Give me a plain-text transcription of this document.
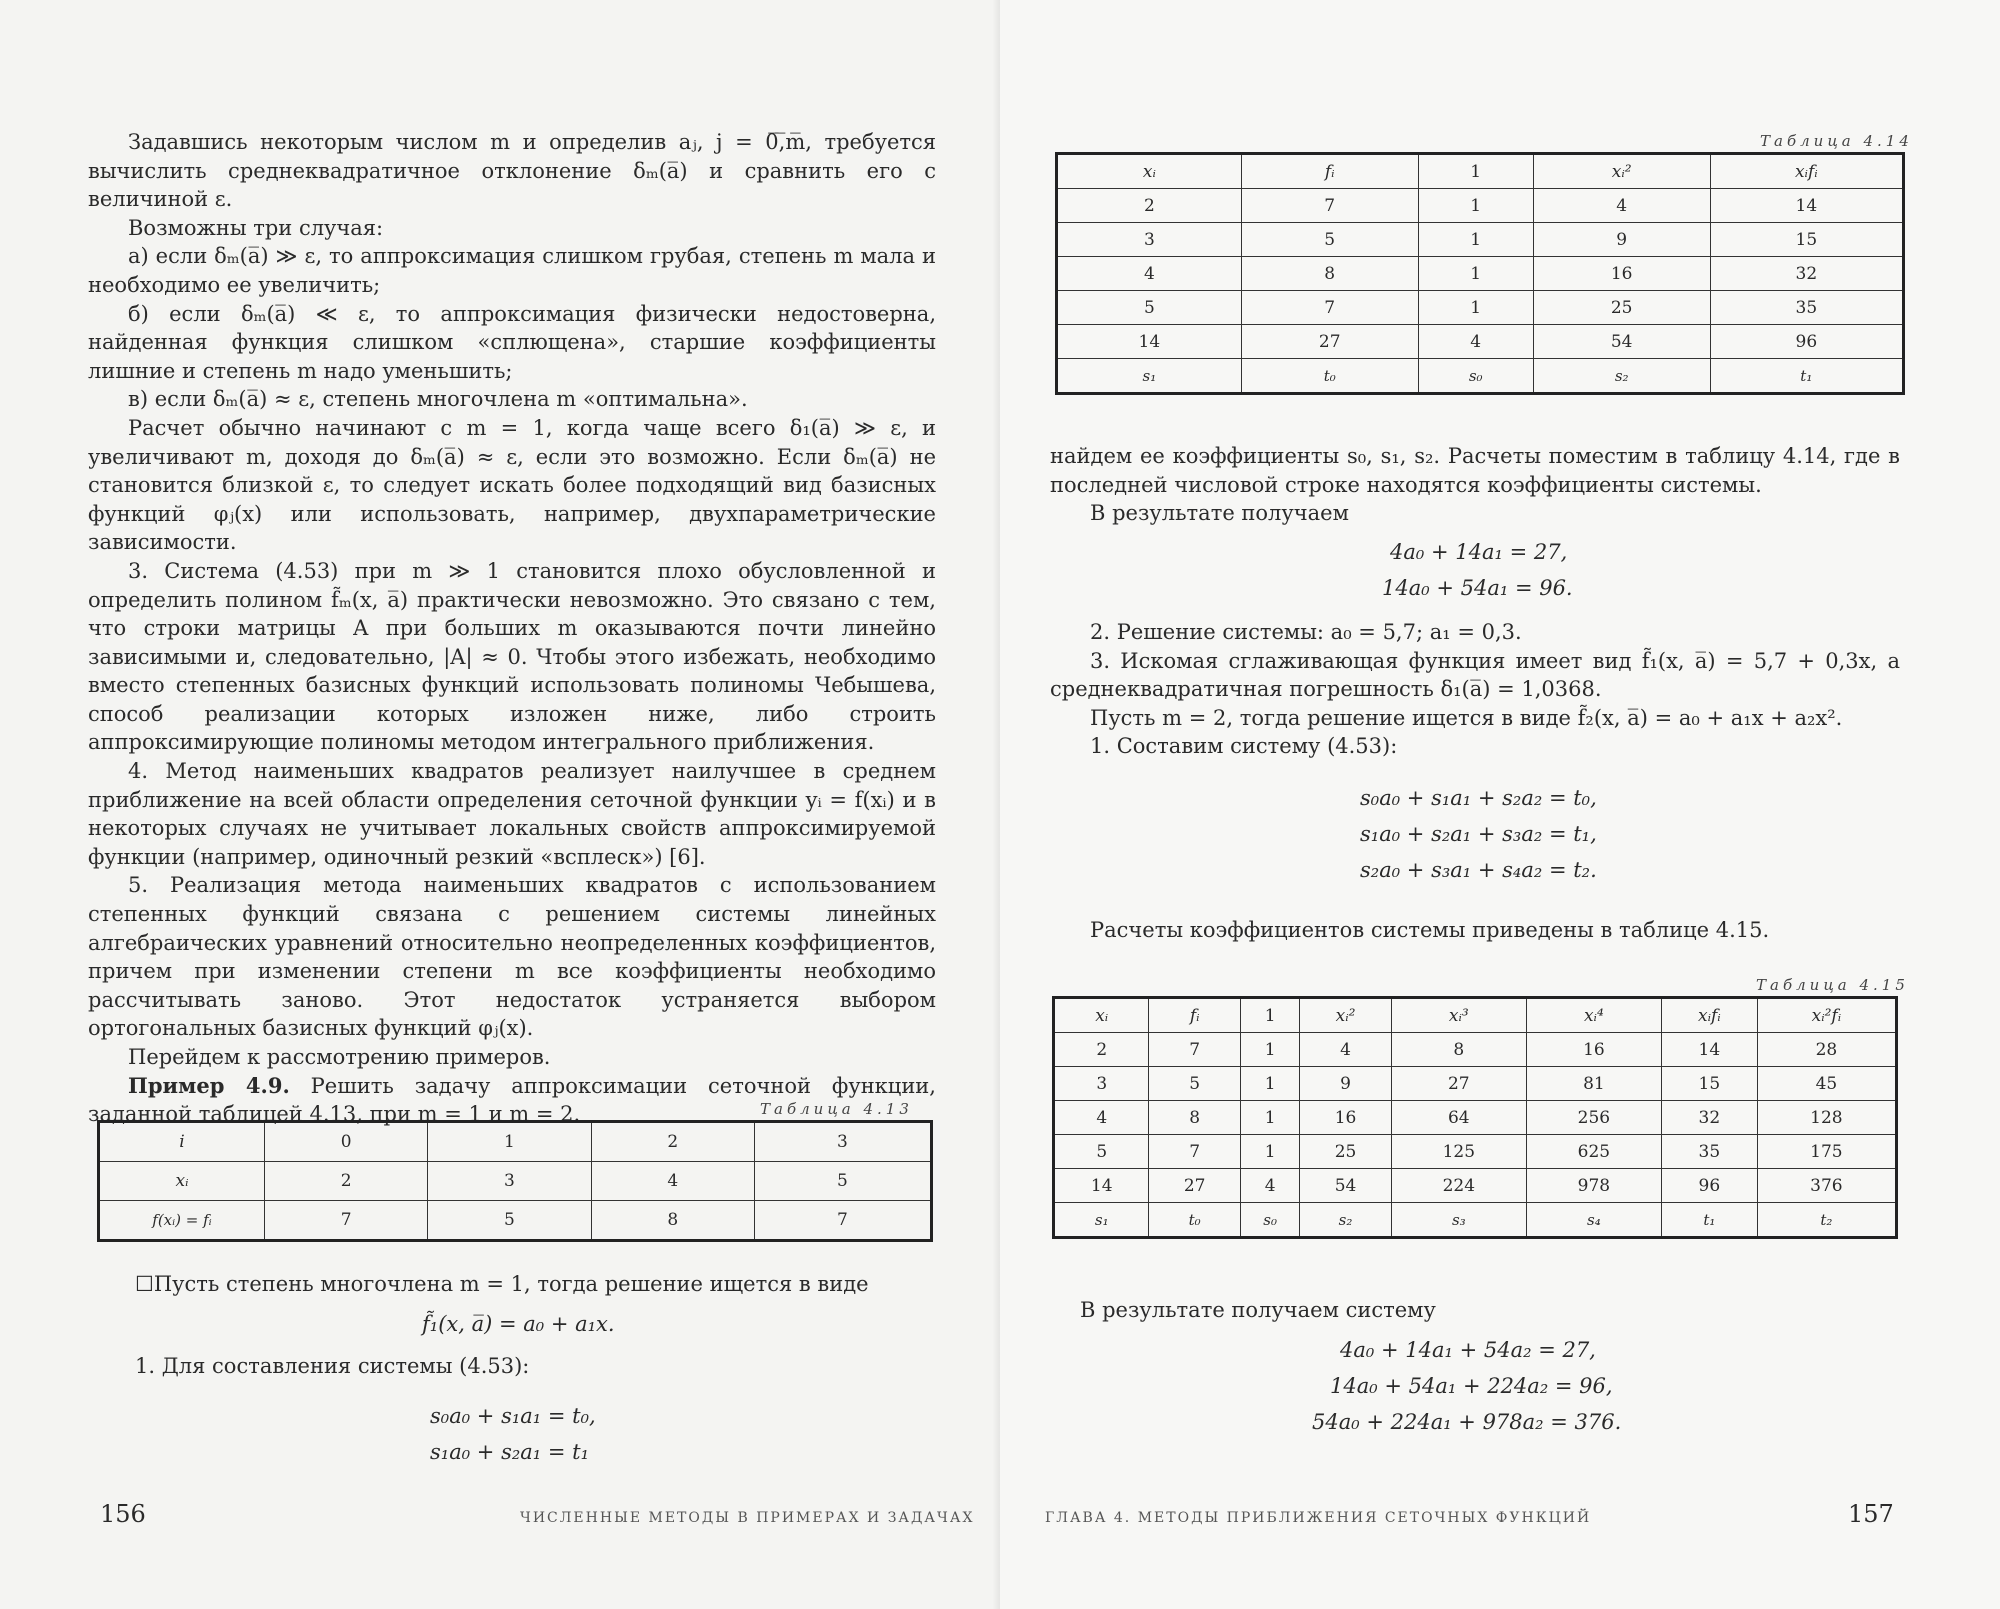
Задавшись некоторым числом m и определив aⱼ, j = 0̅,̅m̅, требуется вычислить среднеквадратичное отклонение δₘ(a̅) и сравнить его с величиной ε.

Возможны три случая:

а) если δₘ(a̅) ≫ ε, то аппроксимация слишком грубая, степень m мала и необходимо ее увеличить;

б) если δₘ(a̅) ≪ ε, то аппроксимация физически недостоверна, найденная функция слишком «сплющена», старшие коэффициенты лишние и степень m надо уменьшить;

в) если δₘ(a̅) ≈ ε, степень многочлена m «оптимальна».

Расчет обычно начинают с m = 1, когда чаще всего δ₁(a̅) ≫ ε, и увеличивают m, доходя до δₘ(a̅) ≈ ε, если это возможно. Если δₘ(a̅) не становится близкой ε, то следует искать более подходящий вид базисных функций φⱼ(x) или использовать, например, двухпараметрические зависимости.

3. Система (4.53) при m ≫ 1 становится плохо обусловленной и определить полином f̃ₘ(x, a̅) практически невозможно. Это связано с тем, что строки матрицы A при больших m оказываются почти линейно зависимыми и, следовательно, |A| ≈ 0. Чтобы этого избежать, необходимо вместо степенных базисных функций использовать полиномы Чебышева, способ реализации которых изложен ниже, либо строить аппроксимирующие полиномы методом интегрального приближения.

4. Метод наименьших квадратов реализует наилучшее в среднем приближение на всей области определения сеточной функции yᵢ = f(xᵢ) и в некоторых случаях не учитывает локальных свойств аппроксимируемой функции (например, одиночный резкий «всплеск») [6].

5. Реализация метода наименьших квадратов с использованием степенных функций связана с решением системы линейных алгебраических уравнений относительно неопределенных коэффициентов, причем при изменении степени m все коэффициенты необходимо рассчитывать заново. Этот недостаток устраняется выбором ортогональных базисных функций φⱼ(x).

Перейдем к рассмотрению примеров.

Пример 4.9. Решить задачу аппроксимации сеточной функции, заданной таблицей 4.13, при m = 1 и m = 2.	Таблица 4.13
i	0	1	2	3
xᵢ	2	3	4	5
f(xᵢ) = fᵢ	7	5	8	7

☐Пусть степень многочлена m = 1, тогда решение ищется в виде

f̃₁(x, a̅) = a₀ + a₁x.

1. Для составления системы (4.53):

s₀a₀ + s₁a₁ = t₀,
s₁a₀ + s₂a₁ = t₁
156	ЧИСЛЕННЫЕ МЕТОДЫ В ПРИМЕРАХ И ЗАДАЧАХ
Таблица 4.14
xᵢ	fᵢ	1	xᵢ²	xᵢfᵢ
2	7	1	4	14
3	5	1	9	15
4	8	1	16	32
5	7	1	25	35
14	27	4	54	96
s₁	t₀	s₀	s₂	t₁

найдем ее коэффициенты s₀, s₁, s₂. Расчеты поместим в таблицу 4.14, где в последней числовой строке находятся коэффициенты системы.

В результате получаем

4a₀ + 14a₁ = 27,
14a₀ + 54a₁ = 96.

2. Решение системы: a₀ = 5,7; a₁ = 0,3.

3. Искомая сглаживающая функция имеет вид f̃₁(x, a̅) = 5,7 + 0,3x, а среднеквадратичная погрешность δ₁(a̅) = 1,0368.

Пусть m = 2, тогда решение ищется в виде f̃₂(x, a̅) = a₀ + a₁x + a₂x².

1. Составим систему (4.53):

s₀a₀ + s₁a₁ + s₂a₂ = t₀,
s₁a₀ + s₂a₁ + s₃a₂ = t₁,
s₂a₀ + s₃a₁ + s₄a₂ = t₂.

Расчеты коэффициентов системы приведены в таблице 4.15.

Таблица 4.15
xᵢ	fᵢ	1	xᵢ²	xᵢ³	xᵢ⁴	xᵢfᵢ	xᵢ²fᵢ
2	7	1	4	8	16	14	28
3	5	1	9	27	81	15	45
4	8	1	16	64	256	32	128
5	7	1	25	125	625	35	175
14	27	4	54	224	978	96	376
s₁	t₀	s₀	s₂	s₃	s₄	t₁	t₂

В результате получаем систему

4a₀ + 14a₁ + 54a₂ = 27,
14a₀ + 54a₁ + 224a₂ = 96,
54a₀ + 224a₁ + 978a₂ = 376.
ГЛАВА 4. МЕТОДЫ ПРИБЛИЖЕНИЯ СЕТОЧНЫХ ФУНКЦИЙ	157
